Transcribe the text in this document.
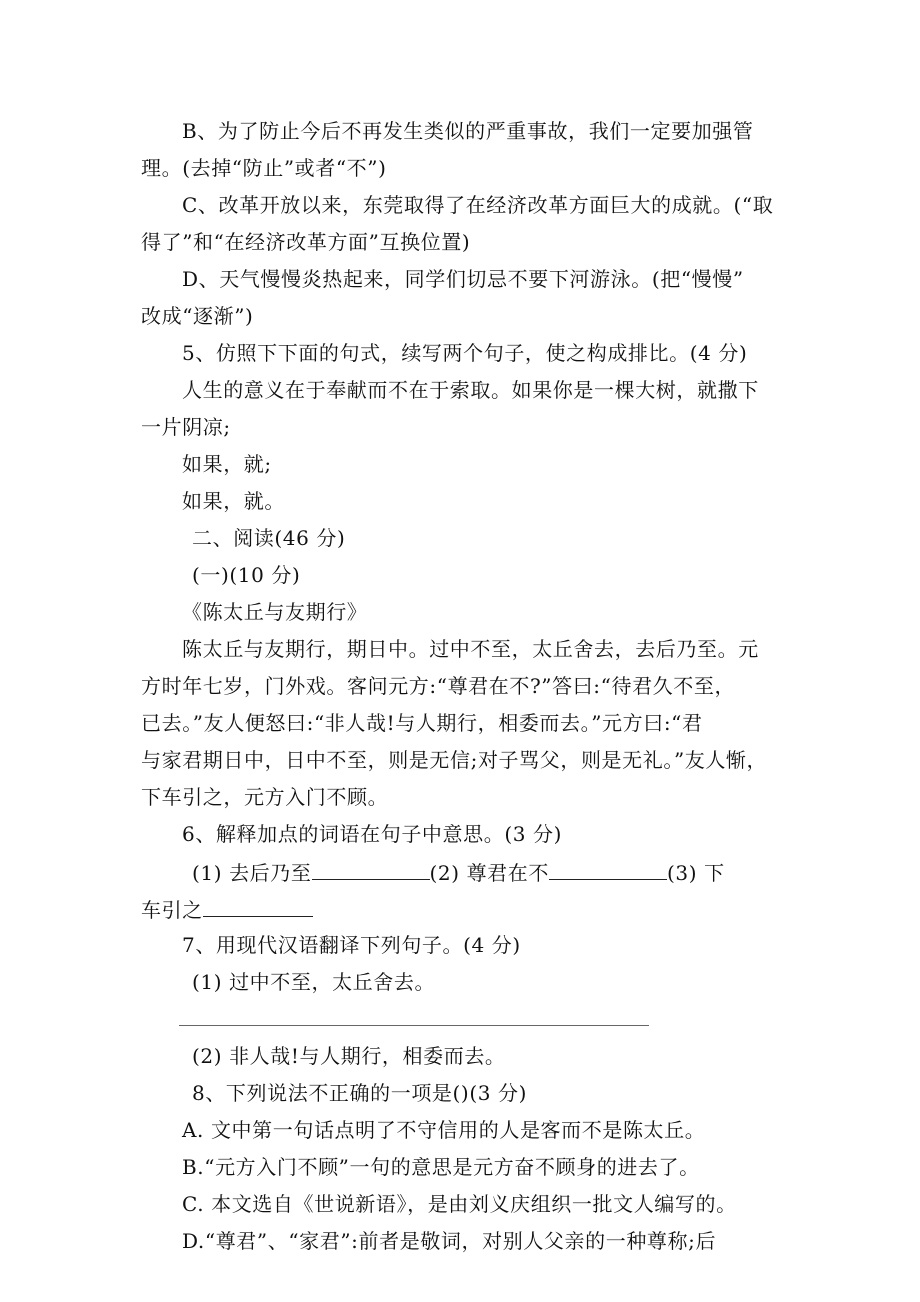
B、为了防止今后不再发生类似的严重事故，我们一定要加强管
理。(去掉“防止”或者“不”)
C、改革开放以来，东莞取得了在经济改革方面巨大的成就。(“取
得了”和“在经济改革方面”互换位置)
D、天气慢慢炎热起来，同学们切忌不要下河游泳。(把“慢慢”
改成“逐渐”)
5、仿照下下面的句式，续写两个句子，使之构成排比。(4 分)
人生的意义在于奉献而不在于索取。如果你是一棵大树，就撒下
一片阴凉;
如果，就;
如果，就。
二、阅读(46 分)
(一)(10 分)
《陈太丘与友期行》
陈太丘与友期行，期日中。过中不至，太丘舍去，去后乃至。元
方时年七岁，门外戏。客问元方:“尊君在不?”答曰:“待君久不至，
已去。”友人便怒曰:“非人哉!与人期行，相委而去。”元方曰:“君
与家君期日中，日中不至，则是无信;对子骂父，则是无礼。”友人惭，
下车引之，元方入门不顾。
6、解释加点的词语在句子中意思。(3 分)
(1) 去后乃至	(2) 尊君在不	(3) 下
车引之
7、用现代汉语翻译下列句子。(4 分)
(1) 过中不至，太丘舍去。
(2) 非人哉!与人期行，相委而去。
8、下列说法不正确的一项是()(3 分)
A. 文中第一句话点明了不守信用的人是客而不是陈太丘。
B.“元方入门不顾”一句的意思是元方奋不顾身的进去了。
C. 本文选自《世说新语》，是由刘义庆组织一批文人编写的。
D.“尊君”、“家君”:前者是敬词，对别人父亲的一种尊称;后
